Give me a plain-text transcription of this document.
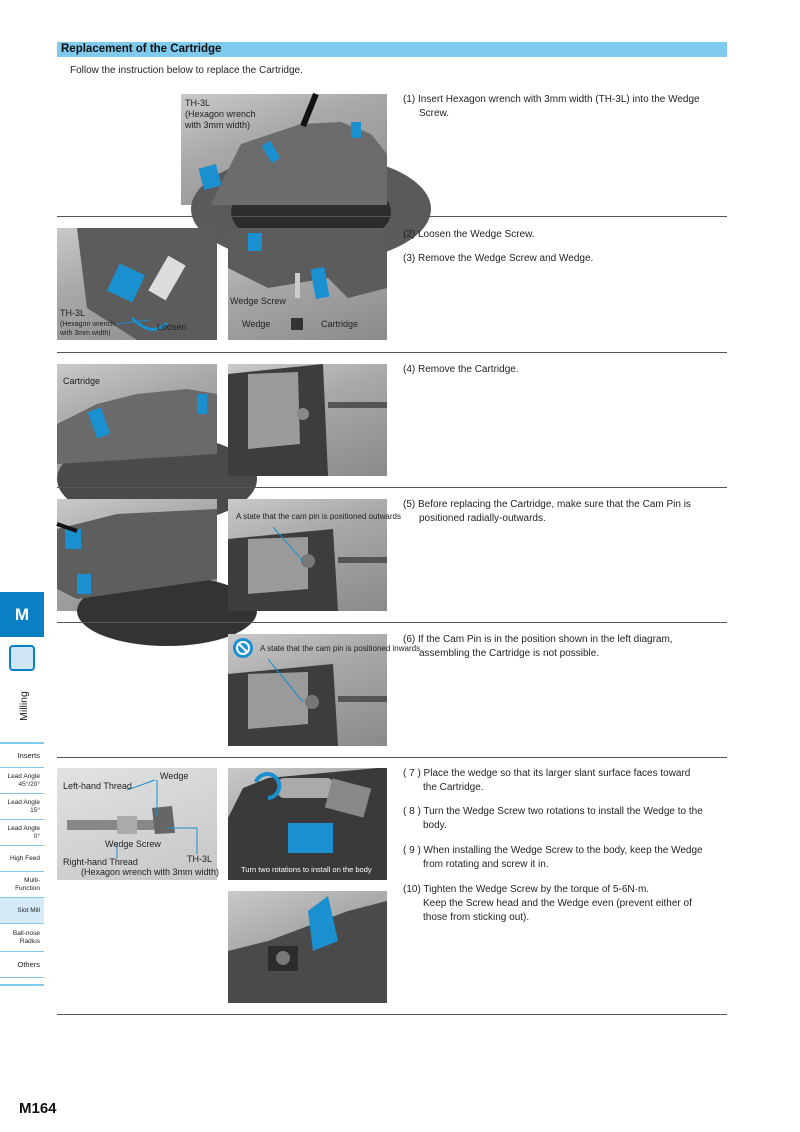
Replacement of the Cartridge
Follow the instruction below to replace the Cartridge.
TH-3L
(Hexagon wrench
with 3mm width)
(1) Insert Hexagon wrench with 3mm width (TH-3L) into the Wedge
Screw.
TH-3L
(Hexagon wrench
with 3mm width)
Loosen
Wedge Screw
Wedge	Cartridge
(2) Loosen the Wedge Screw.
(3) Remove the Wedge Screw and Wedge.
Cartridge
(4) Remove the Cartridge.
A state that the cam pin is positioned outwards
(5) Before replacing the Cartridge, make sure that the Cam Pin is
positioned radially-outwards.
A state that the cam pin is positioned inwards
(6) If the Cam Pin is in the position shown in the left diagram,
assembling the Cartridge is not possible.
Wedge
Left-hand Thread
Wedge Screw
Right-hand Thread	TH-3L
(Hexagon wrench with 3mm width)	Turn two rotations to install on the body
( 7 ) Place the wedge so that its larger slant surface faces toward
the Cartridge.
( 8 ) Turn the Wedge Screw two rotations to install the Wedge to the
body.
( 9 ) When installing the Wedge Screw to the body, keep the Wedge
from rotating and screw it in.
(10) Tighten the Wedge Screw by the torque of 5-6N·m.
Keep the Screw head and the Wedge even (prevent either of
those from sticking out).
M
Milling
Inserts
Lead Angle
45°/20°
Lead Angle
15°
Lead Angle
0°
High Feed
Multi-
Function
Slot Mill
Ball-nose
Radius
Others
M164
